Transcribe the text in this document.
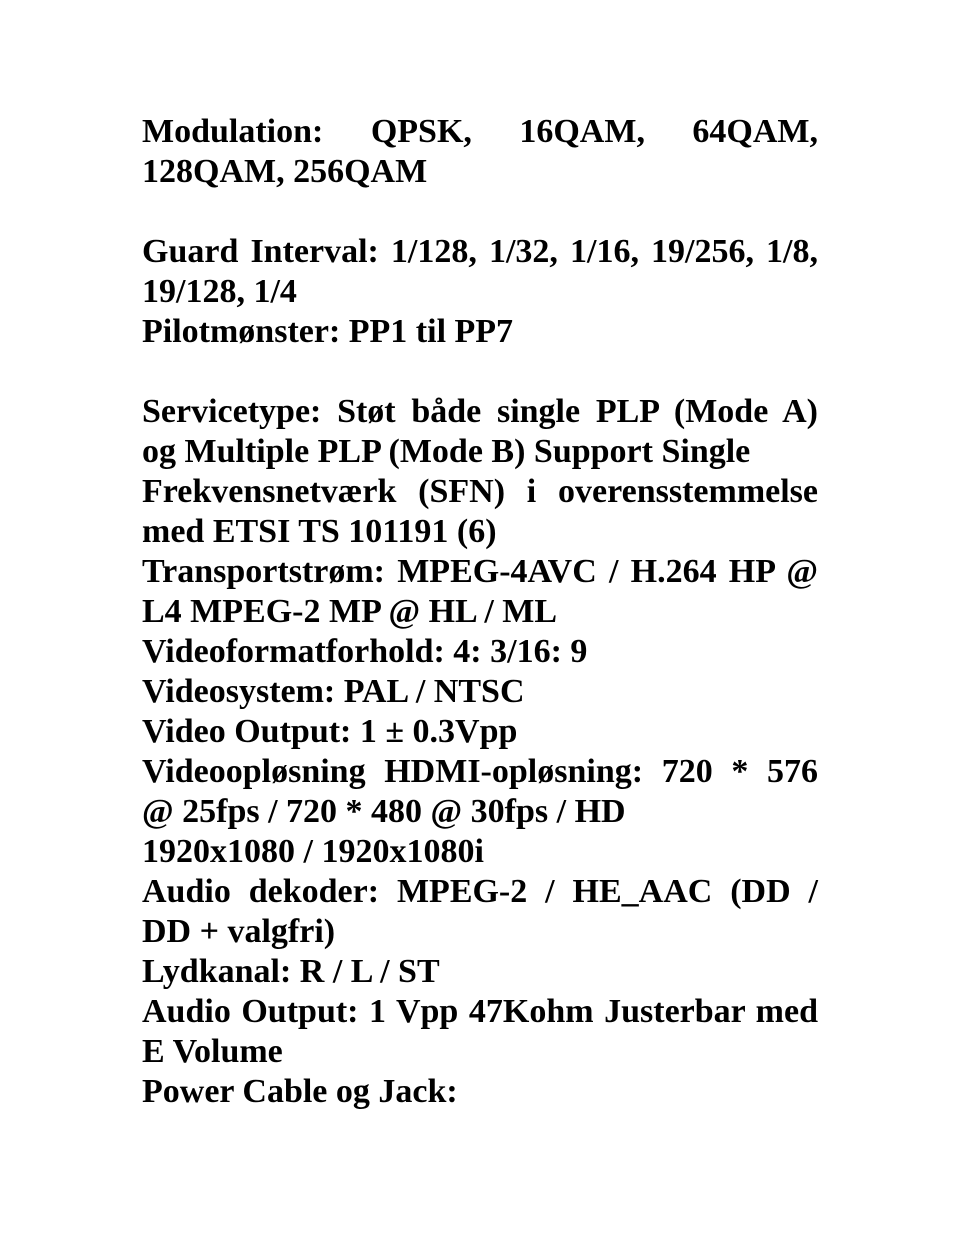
Modulation: QPSK, 16QAM, 64QAM,
128QAM, 256QAM
Guard Interval: 1/128, 1/32, 1/16, 19/256, 1/8,
19/128, 1/4
Pilotmønster: PP1 til PP7
Servicetype: Støt både single PLP (Mode A)
og Multiple PLP (Mode B) Support Single
Frekvensnetværk (SFN) i overensstemmelse
med ETSI TS 101191 (6)
Transportstrøm: MPEG-4AVC / H.264 HP @
L4 MPEG-2 MP @ HL / ML
Videoformatforhold: 4: 3/16: 9
Videosystem: PAL / NTSC
Video Output: 1 ± 0.3Vpp
Videoopløsning HDMI-opløsning: 720 * 576
@ 25fps / 720 * 480 @ 30fps / HD
1920x1080 / 1920x1080i
Audio dekoder: MPEG-2 / HE_AAC (DD /
DD + valgfri)
Lydkanal: R / L / ST
Audio Output: 1 Vpp 47Kohm Justerbar med
E Volume
Power Cable og Jack:
